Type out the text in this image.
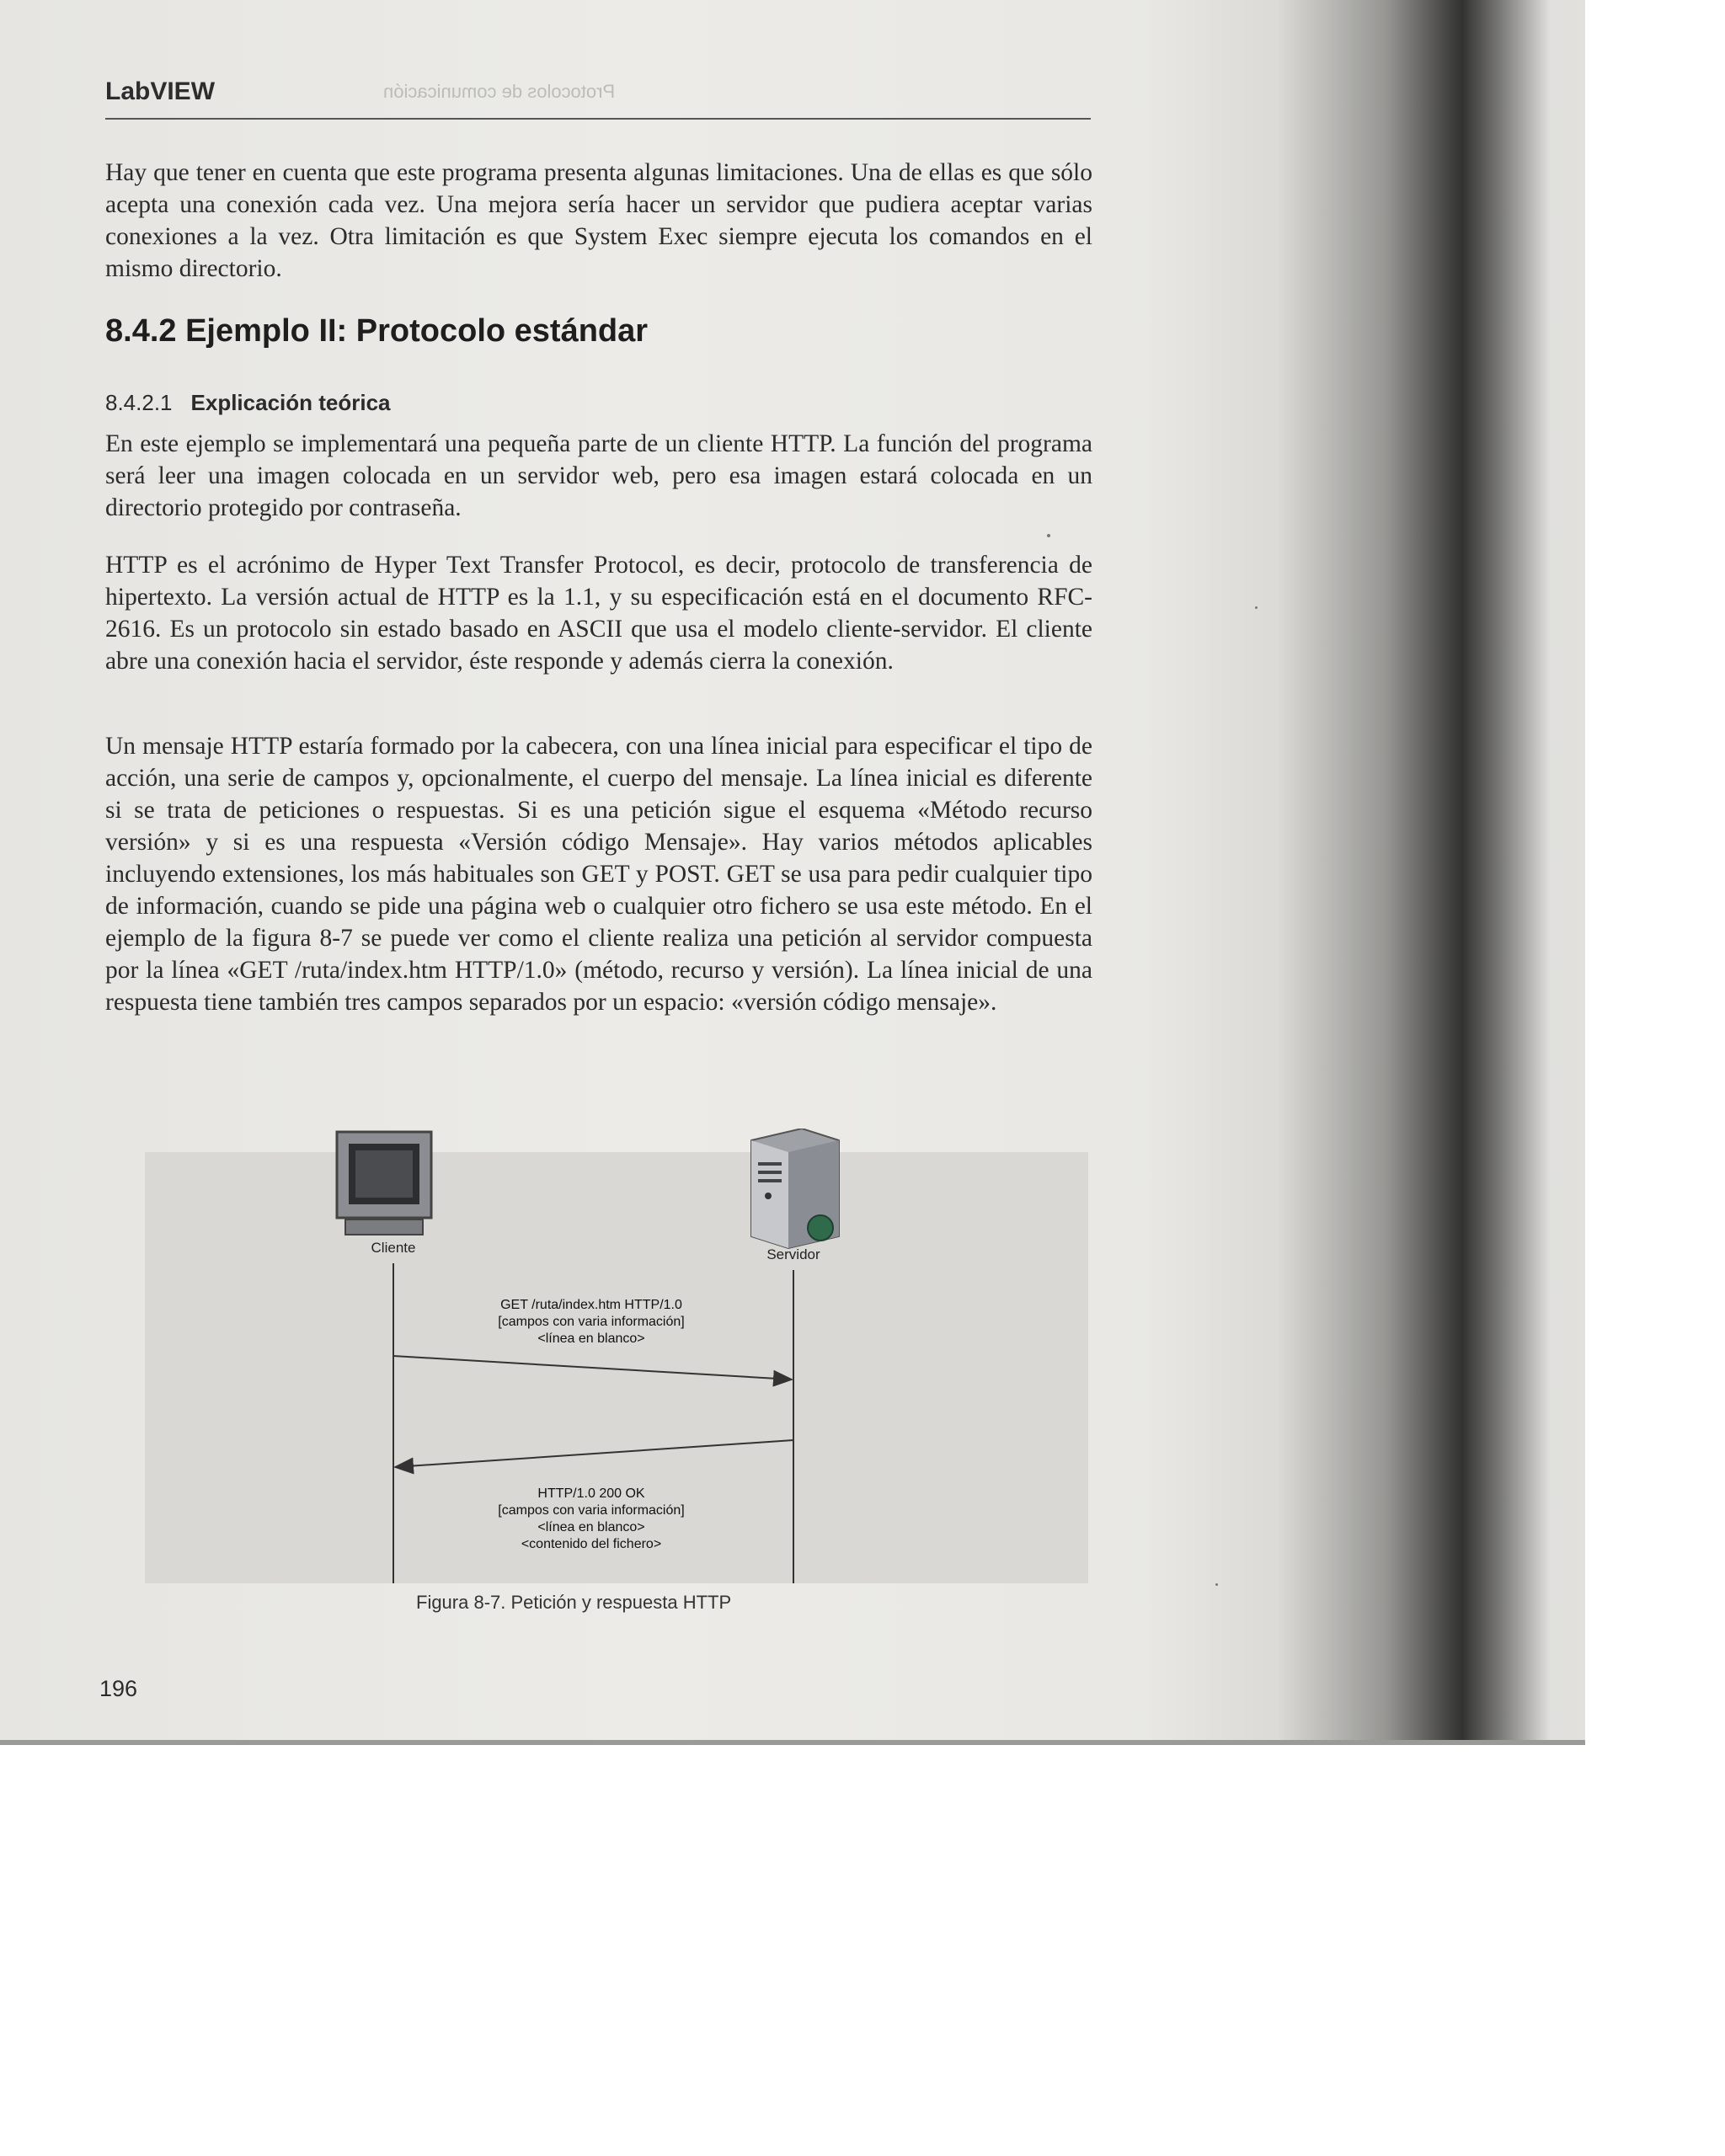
LabVIEW	Protocolos de comunicación

Hay que tener en cuenta que este programa presenta algunas limitaciones. Una de ellas es que sólo acepta una conexión cada vez. Una mejora sería hacer un servidor que pudiera aceptar varias conexiones a la vez. Otra limitación es que System Exec siempre ejecuta los comandos en el mismo directorio.

8.4.2 Ejemplo II: Protocolo estándar
8.4.2.1 Explicación teórica

En este ejemplo se implementará una pequeña parte de un cliente HTTP. La función del programa será leer una imagen colocada en un servidor web, pero esa imagen estará colocada en un directorio protegido por contraseña.

HTTP es el acrónimo de Hyper Text Transfer Protocol, es decir, protocolo de transferencia de hipertexto. La versión actual de HTTP es la 1.1, y su especificación está en el documento RFC-2616. Es un protocolo sin estado basado en ASCII que usa el modelo cliente-servidor. El cliente abre una conexión hacia el servidor, éste responde y además cierra la conexión.

Un mensaje HTTP estaría formado por la cabecera, con una línea inicial para especificar el tipo de acción, una serie de campos y, opcionalmente, el cuerpo del mensaje. La línea inicial es diferente si se trata de peticiones o respuestas. Si es una petición sigue el esquema «Método recurso versión» y si es una respuesta «Versión código Mensaje». Hay varios métodos aplicables incluyendo extensiones, los más habituales son GET y POST. GET se usa para pedir cualquier tipo de información, cuando se pide una página web o cualquier otro fichero se usa este método. En el ejemplo de la figura 8-7 se puede ver como el cliente realiza una petición al servidor compuesta por la línea «GET /ruta/index.htm HTTP/1.0» (método, recurso y versión). La línea inicial de una respuesta tiene también tres campos separados por un espacio: «versión código mensaje».

Cliente	Servidor
GET /ruta/index.htm HTTP/1.0
[campos con varia información]
<línea en blanco>
HTTP/1.0 200 OK
[campos con varia información]
<línea en blanco>
<contenido del fichero>
Figura 8-7. Petición y respuesta HTTP
196
